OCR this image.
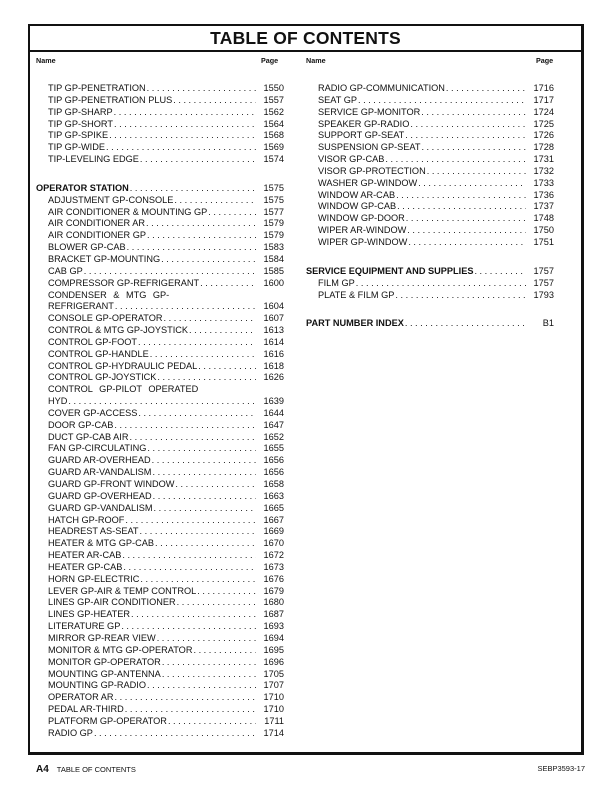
TABLE OF CONTENTS
Name	Page	Name	Page
TIP GP-PENETRATION . . .	1550
TIP GP-PENETRATION PLUS . . .	1557
TIP GP-SHARP . . .	1562
TIP GP-SHORT . . .	1564
TIP GP-SPIKE . . .	1568
TIP GP-WIDE . . .	1569
TIP-LEVELING EDGE . . .	1574
OPERATOR STATION . . .	1575
ADJUSTMENT GP-CONSOLE . . .	1575
AIR CONDITIONER & MOUNTING GP . . .	1577
AIR CONDITIONER AR . . .	1579
AIR CONDITIONER GP . . .	1579
BLOWER GP-CAB . . .	1583
BRACKET GP-MOUNTING . . .	1584
CAB GP . . .	1585
COMPRESSOR GP-REFRIGERANT . . .	1600
CONDENSER & MTG GP-
REFRIGERANT . . .	1604
CONSOLE GP-OPERATOR . . .	1607
CONTROL & MTG GP-JOYSTICK . . .	1613
CONTROL GP-FOOT . . .	1614
CONTROL GP-HANDLE . . .	1616
CONTROL GP-HYDRAULIC PEDAL . . .	1618
CONTROL GP-JOYSTICK . . .	1626
CONTROL GP-PILOT OPERATED
HYD . . .	1639
COVER GP-ACCESS . . .	1644
DOOR GP-CAB . . .	1647
DUCT GP-CAB AIR . . .	1652
FAN GP-CIRCULATING . . .	1655
GUARD AR-OVERHEAD . . .	1656
GUARD AR-VANDALISM . . .	1656
GUARD GP-FRONT WINDOW . . .	1658
GUARD GP-OVERHEAD . . .	1663
GUARD GP-VANDALISM . . .	1665
HATCH GP-ROOF . . .	1667
HEADREST AS-SEAT . . .	1669
HEATER & MTG GP-CAB . . .	1670
HEATER AR-CAB . . .	1672
HEATER GP-CAB . . .	1673
HORN GP-ELECTRIC . . .	1676
LEVER GP-AIR & TEMP CONTROL . . .	1679
LINES GP-AIR CONDITIONER . . .	1680
LINES GP-HEATER . . .	1687
LITERATURE GP . . .	1693
MIRROR GP-REAR VIEW . . .	1694
MONITOR & MTG GP-OPERATOR . . .	1695
MONITOR GP-OPERATOR . . .	1696
MOUNTING GP-ANTENNA . . .	1705
MOUNTING GP-RADIO . . .	1707
OPERATOR AR . . .	1710
PEDAL AR-THIRD . . .	1710
PLATFORM GP-OPERATOR . . .	1711
RADIO GP . . .	1714
RADIO GP-COMMUNICATION . . .	1716
SEAT GP . . .	1717
SERVICE GP-MONITOR . . .	1724
SPEAKER GP-RADIO . . .	1725
SUPPORT GP-SEAT . . .	1726
SUSPENSION GP-SEAT . . .	1728
VISOR GP-CAB . . .	1731
VISOR GP-PROTECTION . . .	1732
WASHER GP-WINDOW . . .	1733
WINDOW AR-CAB . . .	1736
WINDOW GP-CAB . . .	1737
WINDOW GP-DOOR . . .	1748
WIPER AR-WINDOW . . .	1750
WIPER GP-WINDOW . . .	1751
SERVICE EQUIPMENT AND SUPPLIES . . .	1757
FILM GP . . .	1757
PLATE & FILM GP . . .	1793
PART NUMBER INDEX . . .	B1
A4 TABLE OF CONTENTS	SEBP3593-17
